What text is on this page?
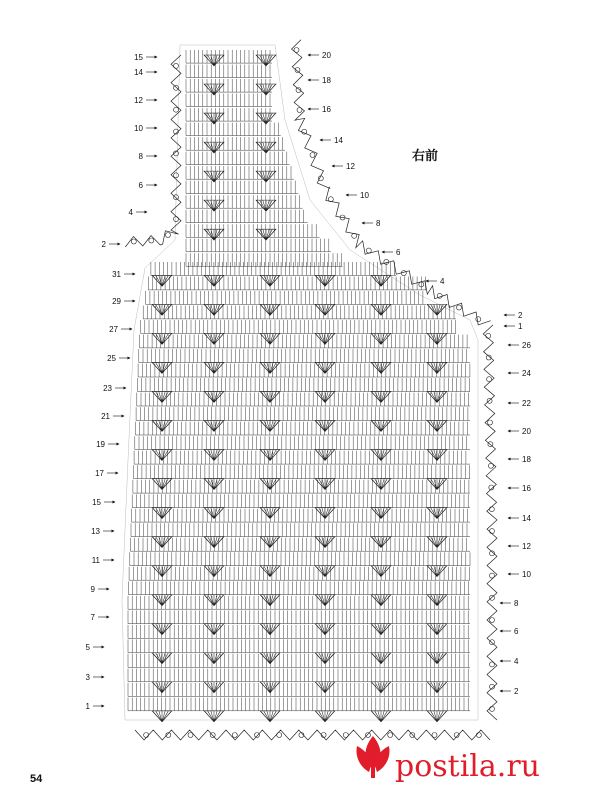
15
14
12
10
8
6
4
2
20
18
16
14
12
10
8
6
4
31
29
27
25
23
21
19
17
15
13
11
9
7
5
3
1
2
1
26
24
22
20
18
16
14
12
10
8
6
4
2
右前
54	postila.ru
